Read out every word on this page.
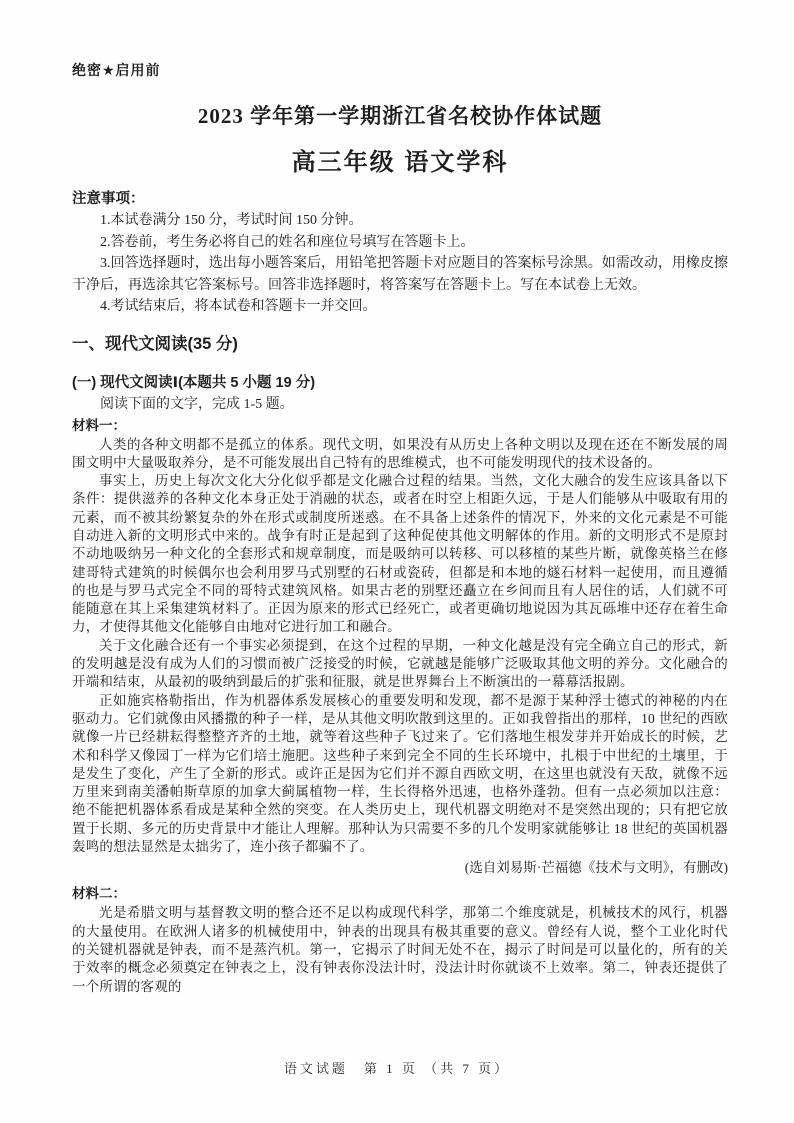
绝密★启用前
2023 学年第一学期浙江省名校协作体试题
高三年级 语文学科

注意事项：

1.本试卷满分 150 分，考试时间 150 分钟。

2.答卷前，考生务必将自己的姓名和座位号填写在答题卡上。

3.回答选择题时，选出每小题答案后，用铅笔把答题卡对应题目的答案标号涂黑。如需改动，用橡皮擦干净后，再选涂其它答案标号。回答非选择题时，将答案写在答题卡上。写在本试卷上无效。

4.考试结束后，将本试卷和答题卡一并交回。

一、现代文阅读(35 分)

(一) 现代文阅读Ⅰ(本题共 5 小题 19 分)

阅读下面的文字，完成 1-5 题。

材料一：

人类的各种文明都不是孤立的体系。现代文明，如果没有从历史上各种文明以及现在还在不断发展的周围文明中大量吸取养分，是不可能发展出自己特有的思维模式，也不可能发明现代的技术设备的。

事实上，历史上每次文化大分化似乎都是文化融合过程的结果。当然，文化大融合的发生应该具备以下条件：提供滋养的各种文化本身正处于消融的状态，或者在时空上相距久远，于是人们能够从中吸取有用的元素，而不被其纷繁复杂的外在形式或制度所迷惑。在不具备上述条件的情况下，外来的文化元素是不可能自动进入新的文明形式中来的。战争有时正是起到了这种促使其他文明解体的作用。新的文明形式不是原封不动地吸纳另一种文化的全套形式和规章制度，而是吸纳可以转移、可以移植的某些片断，就像英格兰在修建哥特式建筑的时候偶尔也会利用罗马式别墅的石材或瓷砖，但都是和本地的燧石材料一起使用，而且遵循的也是与罗马式完全不同的哥特式建筑风格。如果古老的别墅还矗立在乡间而且有人居住的话，人们就不可能随意在其上采集建筑材料了。正因为原来的形式已经死亡，或者更确切地说因为其瓦砾堆中还存在着生命力，才使得其他文化能够自由地对它进行加工和融合。

关于文化融合还有一个事实必须提到，在这个过程的早期，一种文化越是没有完全确立自己的形式，新的发明越是没有成为人们的习惯而被广泛接受的时候，它就越是能够广泛吸取其他文明的养分。文化融合的开端和结束，从最初的吸纳到最后的扩张和征服，就是世界舞台上不断演出的一幕幕活报剧。

正如施宾格勒指出，作为机器体系发展核心的重要发明和发现，都不是源于某种浮士德式的神秘的内在驱动力。它们就像由风播撒的种子一样，是从其他文明吹散到这里的。正如我曾指出的那样，10 世纪的西欧就像一片已经耕耘得整整齐齐的土地，就等着这些种子飞过来了。它们落地生根发芽并开始成长的时候，艺术和科学又像园丁一样为它们培土施肥。这些种子来到完全不同的生长环境中，扎根于中世纪的土壤里，于是发生了变化，产生了全新的形式。或许正是因为它们并不源自西欧文明，在这里也就没有天敌，就像不远万里来到南美潘帕斯草原的加拿大蓟属植物一样，生长得格外迅速，也格外蓬勃。但有一点必须加以注意：绝不能把机器体系看成是某种全然的突变。在人类历史上，现代机器文明绝对不是突然出现的；只有把它放置于长期、多元的历史背景中才能让人理解。那种认为只需要不多的几个发明家就能够让 18 世纪的英国机器轰鸣的想法显然是太拙劣了，连小孩子都骗不了。

(选自刘易斯·芒福德《技术与文明》，有删改)

材料二：

光是希腊文明与基督教文明的整合还不足以构成现代科学，那第二个维度就是，机械技术的风行，机器的大量使用。在欧洲人诸多的机械使用中，钟表的出现具有极其重要的意义。曾经有人说，整个工业化时代的关键机器就是钟表，而不是蒸汽机。第一，它揭示了时间无处不在，揭示了时间是可以量化的，所有的关于效率的概念必须奠定在钟表之上，没有钟表你没法计时，没法计时你就谈不上效率。第二，钟表还提供了一个所谓的客观的

语文试题　第 1 页 （共 7 页）
